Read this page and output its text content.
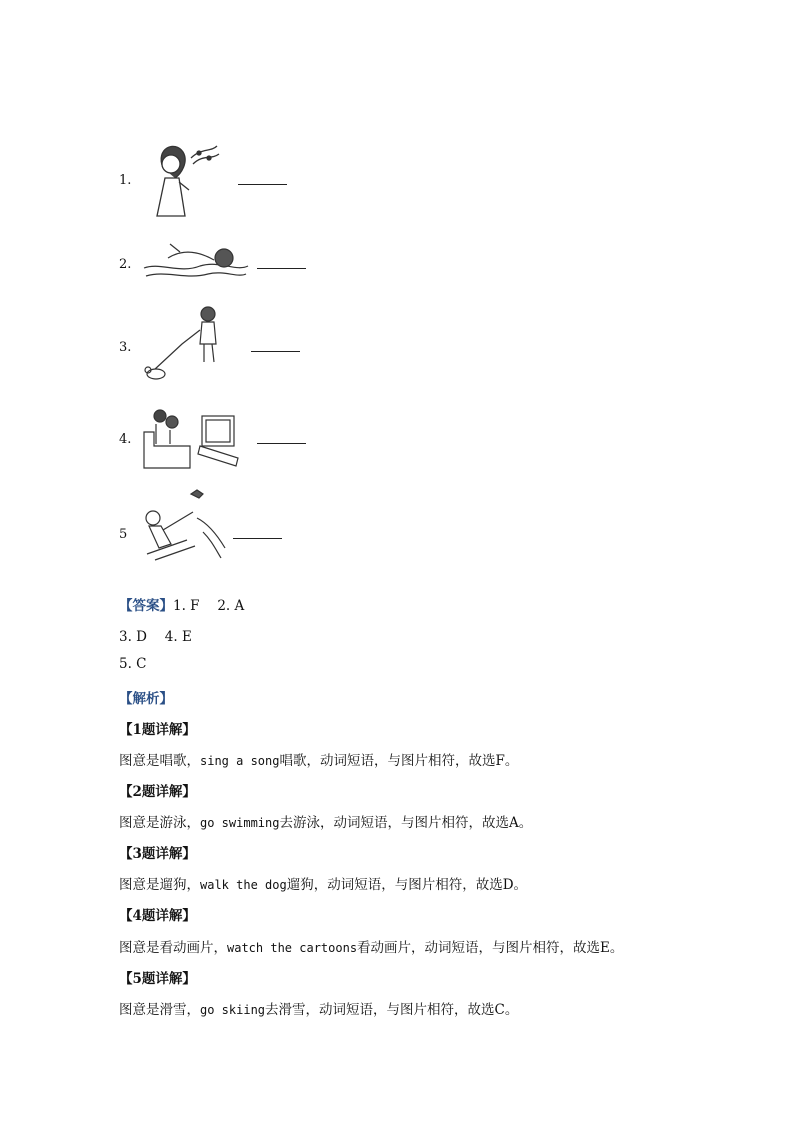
1.
2.
3.
4.
5
【答案】1. F　 2. A
3. D　 4. E
5. C
【解析】
【1题详解】
图意是唱歌，sing a song唱歌，动词短语，与图片相符，故选F。
【2题详解】
图意是游泳，go swimming去游泳，动词短语，与图片相符，故选A。
【3题详解】
图意是遛狗，walk the dog遛狗，动词短语，与图片相符，故选D。
【4题详解】
图意是看动画片，watch the cartoons看动画片，动词短语，与图片相符，故选E。
【5题详解】
图意是滑雪，go skiing去滑雪，动词短语，与图片相符，故选C。
